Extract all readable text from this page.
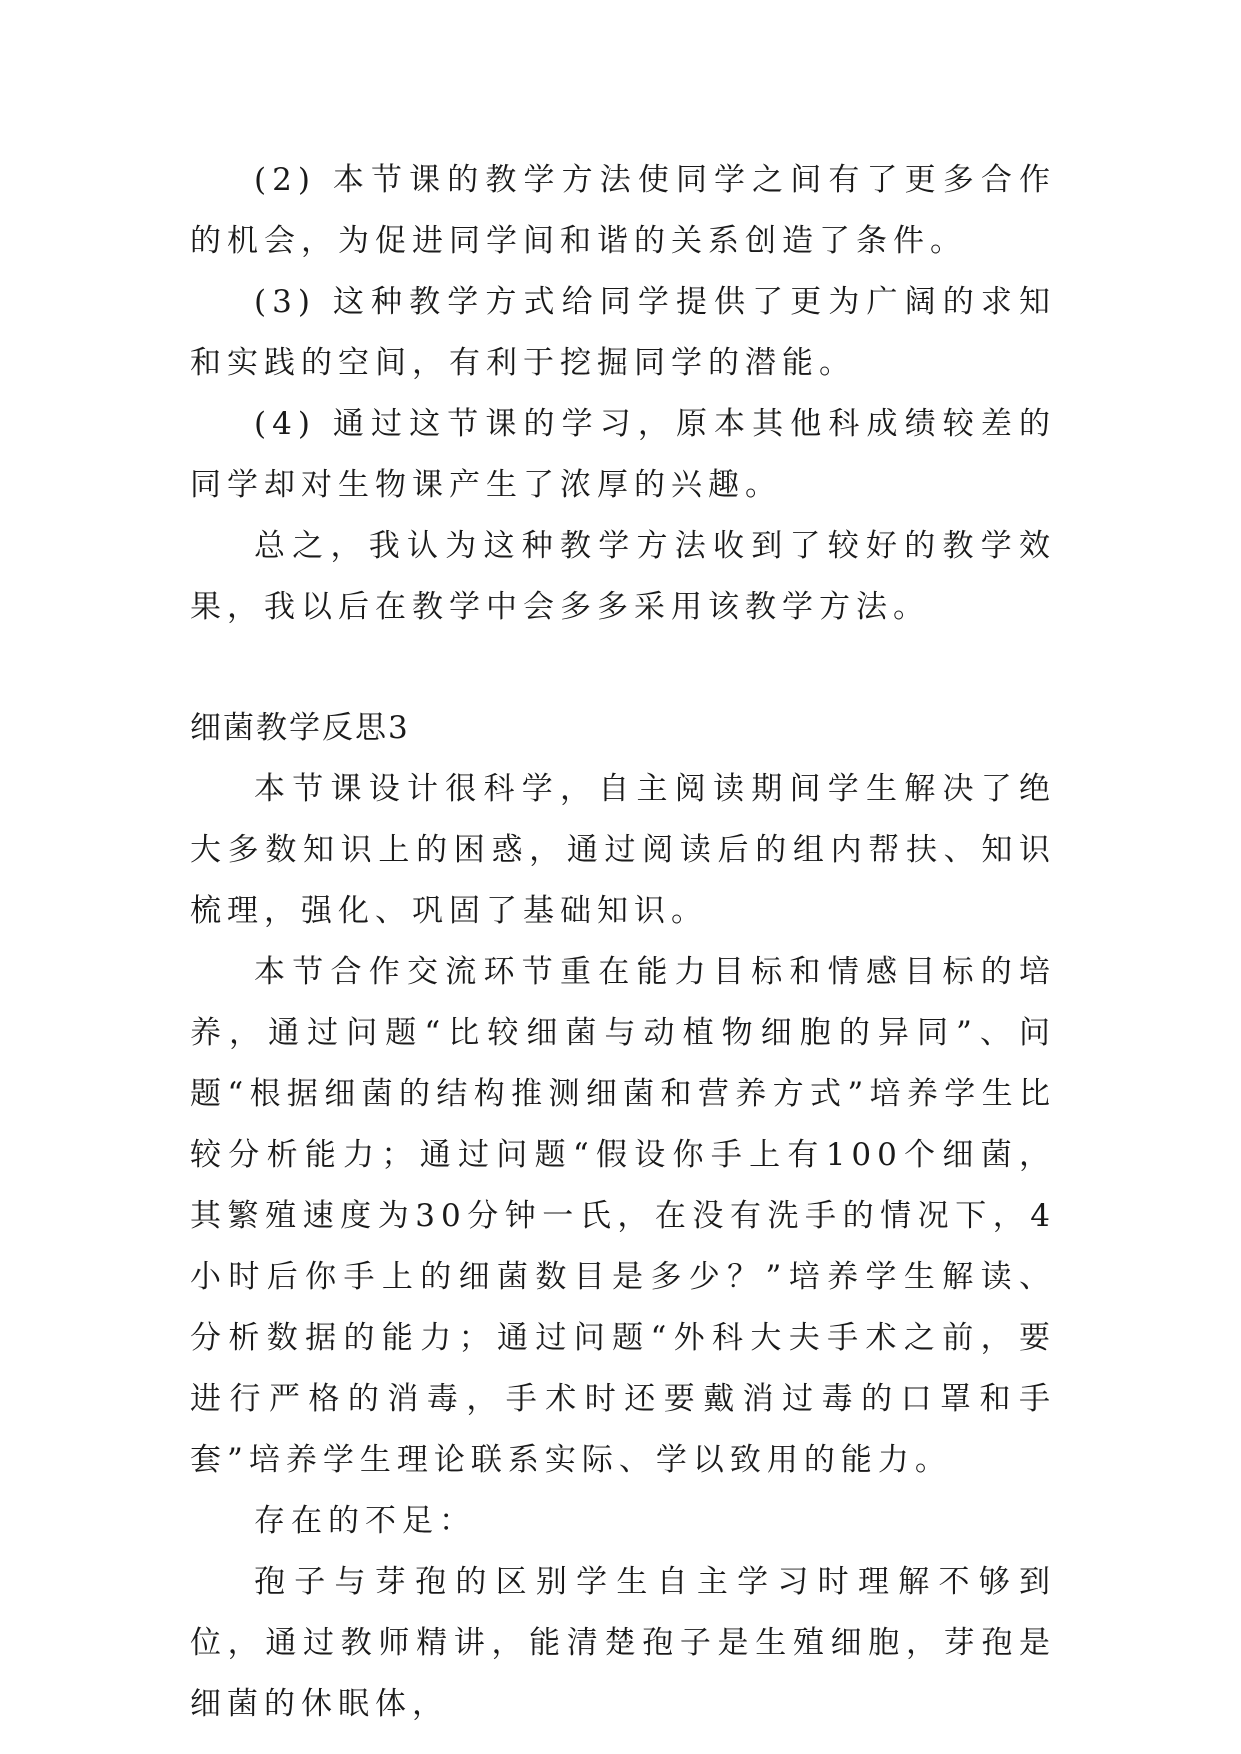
(2) 本节课的教学方法使同学之间有了更多合作的机会，为促进同学间和谐的关系创造了条件。

(3) 这种教学方式给同学提供了更为广阔的求知和实践的空间，有利于挖掘同学的潜能。

(4) 通过这节课的学习，原本其他科成绩较差的同学却对生物课产生了浓厚的兴趣。

总之，我认为这种教学方法收到了较好的教学效果，我以后在教学中会多多采用该教学方法。

细菌教学反思3

本节课设计很科学，自主阅读期间学生解决了绝大多数知识上的困惑，通过阅读后的组内帮扶、知识梳理，强化、巩固了基础知识。

本节合作交流环节重在能力目标和情感目标的培养，通过问题“比较细菌与动植物细胞的异同”、问题“根据细菌的结构推测细菌和营养方式”培养学生比较分析能力；通过问题“假设你手上有100个细菌，其繁殖速度为30分钟一氏，在没有洗手的情况下，4小时后你手上的细菌数目是多少？”培养学生解读、分析数据的能力；通过问题“外科大夫手术之前，要进行严格的消毒，手术时还要戴消过毒的口罩和手套”培养学生理论联系实际、学以致用的能力。

存在的不足：

孢子与芽孢的区别学生自主学习时理解不够到位，通过教师精讲，能清楚孢子是生殖细胞，芽孢是细菌的休眠体，
